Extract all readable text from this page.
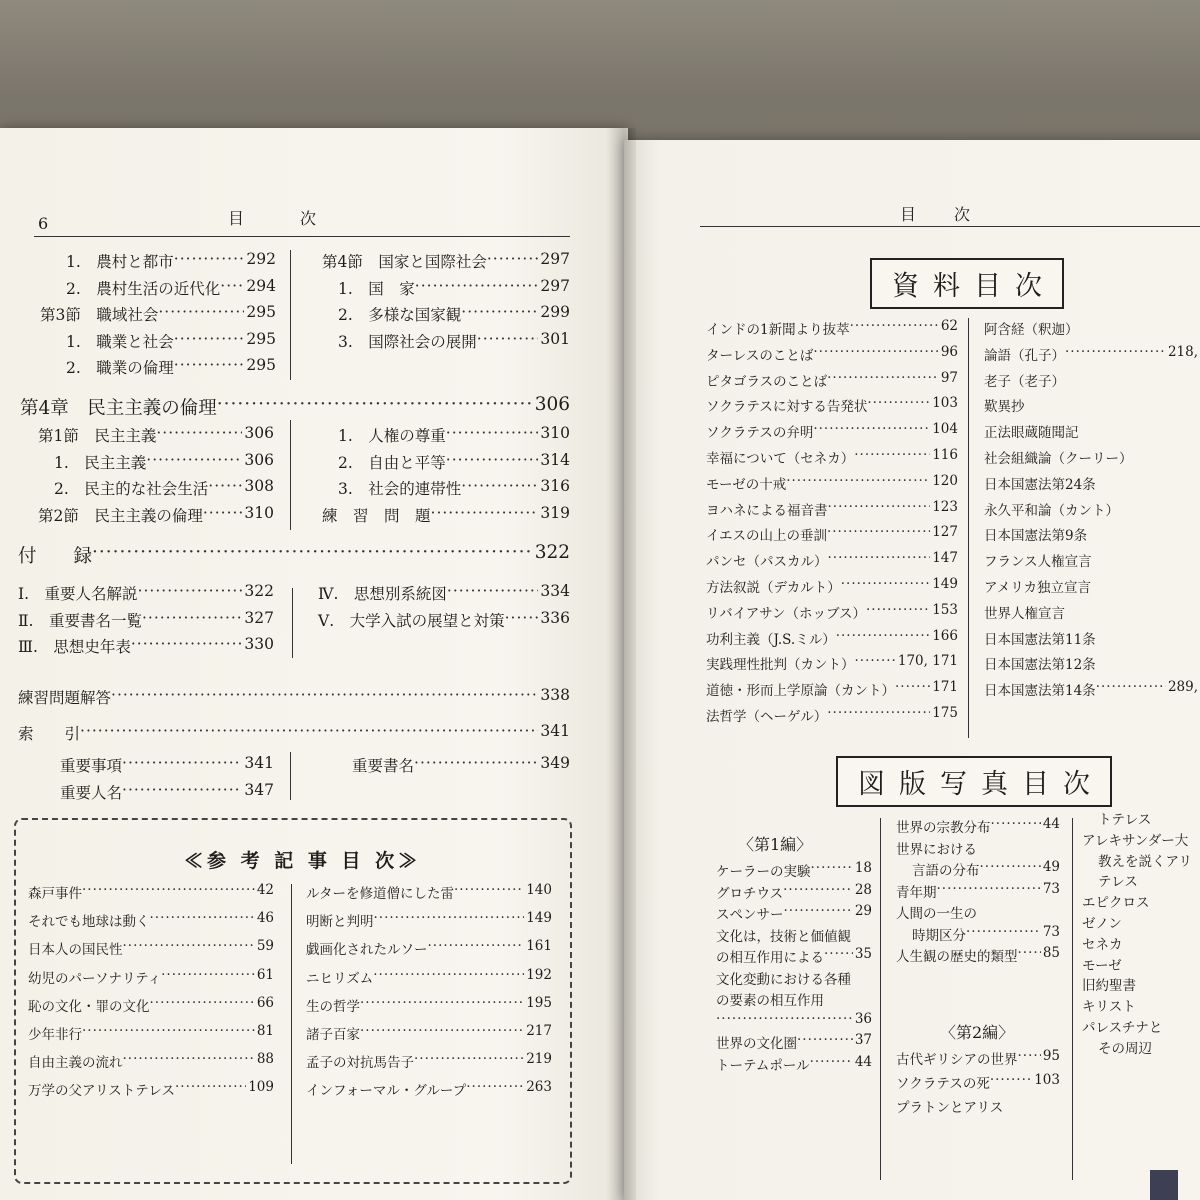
6	目　　　次
≪参 考 記 事 目 次≫
目　　次
資料目次
図版写真目次
〈第1編〉
〈第2編〉
1.　農村と都市 ·····	292
2.　農村生活の近代化 ····· 294
第3節　職域社会 ·····	295
1.　職業と社会 ·····	295
2.　職業の倫理 ·····	295
第4節　国家と国際社会 ·····	297
1.　国　家 ·····	297
2.　多様な国家観 ·····	299
3.　国際社会の展開 ·····	301
第4章　民主主義の倫理 ·····	306
第1節　民主主義 ·····	306
1.　民主主義 ·····	306
2.　民主的な社会生活 ····· 308
第2節　民主主義の倫理 ·····	310
1.　人権の尊重 ·····	310
2.　自由と平等 ·····	314
3.　社会的連帯性 ·····	316
練　習　問　題 ·····	319
付　　録 ·····	322
Ⅰ.　重要人名解説 ·····	322
Ⅱ.　重要書名一覧 ·····	327
Ⅲ.　思想史年表 ·····	330
Ⅳ.　思想別系統図 ·····	334
Ⅴ.　大学入試の展望と対策 ····· 336
練習問題解答 ·····	338
索　　引 ·····	341
重要事項 ·····	341
重要人名 ·····	347
重要書名 ·····	349
森戸事件 ·····	42
それでも地球は動く ·····	46
日本人の国民性 ·····	59
幼児のパーソナリティ ·····	61
恥の文化・罪の文化 ·····	66
少年非行 ·····	81
自由主義の流れ ·····	88
万学の父アリストテレス ·····	109
ルターを修道僧にした雷 ·····	140
明断と判明 ·····	149
戯画化されたルソー ·····	161
ニヒリズム ·····	192
生の哲学 ·····	195
諸子百家 ·····	217
孟子の対抗馬告子 ·····	219
インフォーマル・グループ ·····	263
インドの1新聞より抜萃 ·····	62
ターレスのことば ·····	96
ピタゴラスのことば ·····	97
ソクラテスに対する告発状 ·····	103
ソクラテスの弁明 ·····	104
幸福について（セネカ） ·····	116
モーゼの十戒 ·····	120
ヨハネによる福音書 ·····	123
イエスの山上の垂訓 ·····	127
パンセ（パスカル） ·····	147
方法叙説（デカルト） ·····	149
リバイアサン（ホッブス） ·····	153
功利主義（J.S.ミル） ·····	166
実践理性批判（カント） ·····	170, 171
道徳・形而上学原論（カント） ·····	171
法哲学（ヘーゲル） ·····	175
阿含経（釈迦）
論語（孔子） ·····	218,
老子（老子）
歎異抄
正法眼蔵随聞記
社会組織論（クーリー）
日本国憲法第24条
永久平和論（カント）
日本国憲法第9条
フランス人権宣言
アメリカ独立宣言
世界人権宣言
日本国憲法第11条
日本国憲法第12条
日本国憲法第14条 ·····	289,
ケーラーの実験 ·····	18
グロチウス ·····	28
スペンサー ·····	29
文化は，技術と価値観
の相互作用による ····· 35
文化変動における各種
の要素の相互作用
·····
36
世界の文化圏 ·····	37
トーテムポール ·····	44
世界の宗教分布 ·····	44
世界における
言語の分布 ·····	49
青年期 ·····	73
人間の一生の
時期区分 ·····	73
人生観の歴史的類型 ····· 85
古代ギリシアの世界 ····· 95
ソクラテスの死 ·····	103
プラトンとアリス
トテレス
アレキサンダー大
教えを説くアリ
テレス
エピクロス
ゼノン
セネカ
モーゼ
旧約聖書
キリスト
パレスチナと
その周辺
